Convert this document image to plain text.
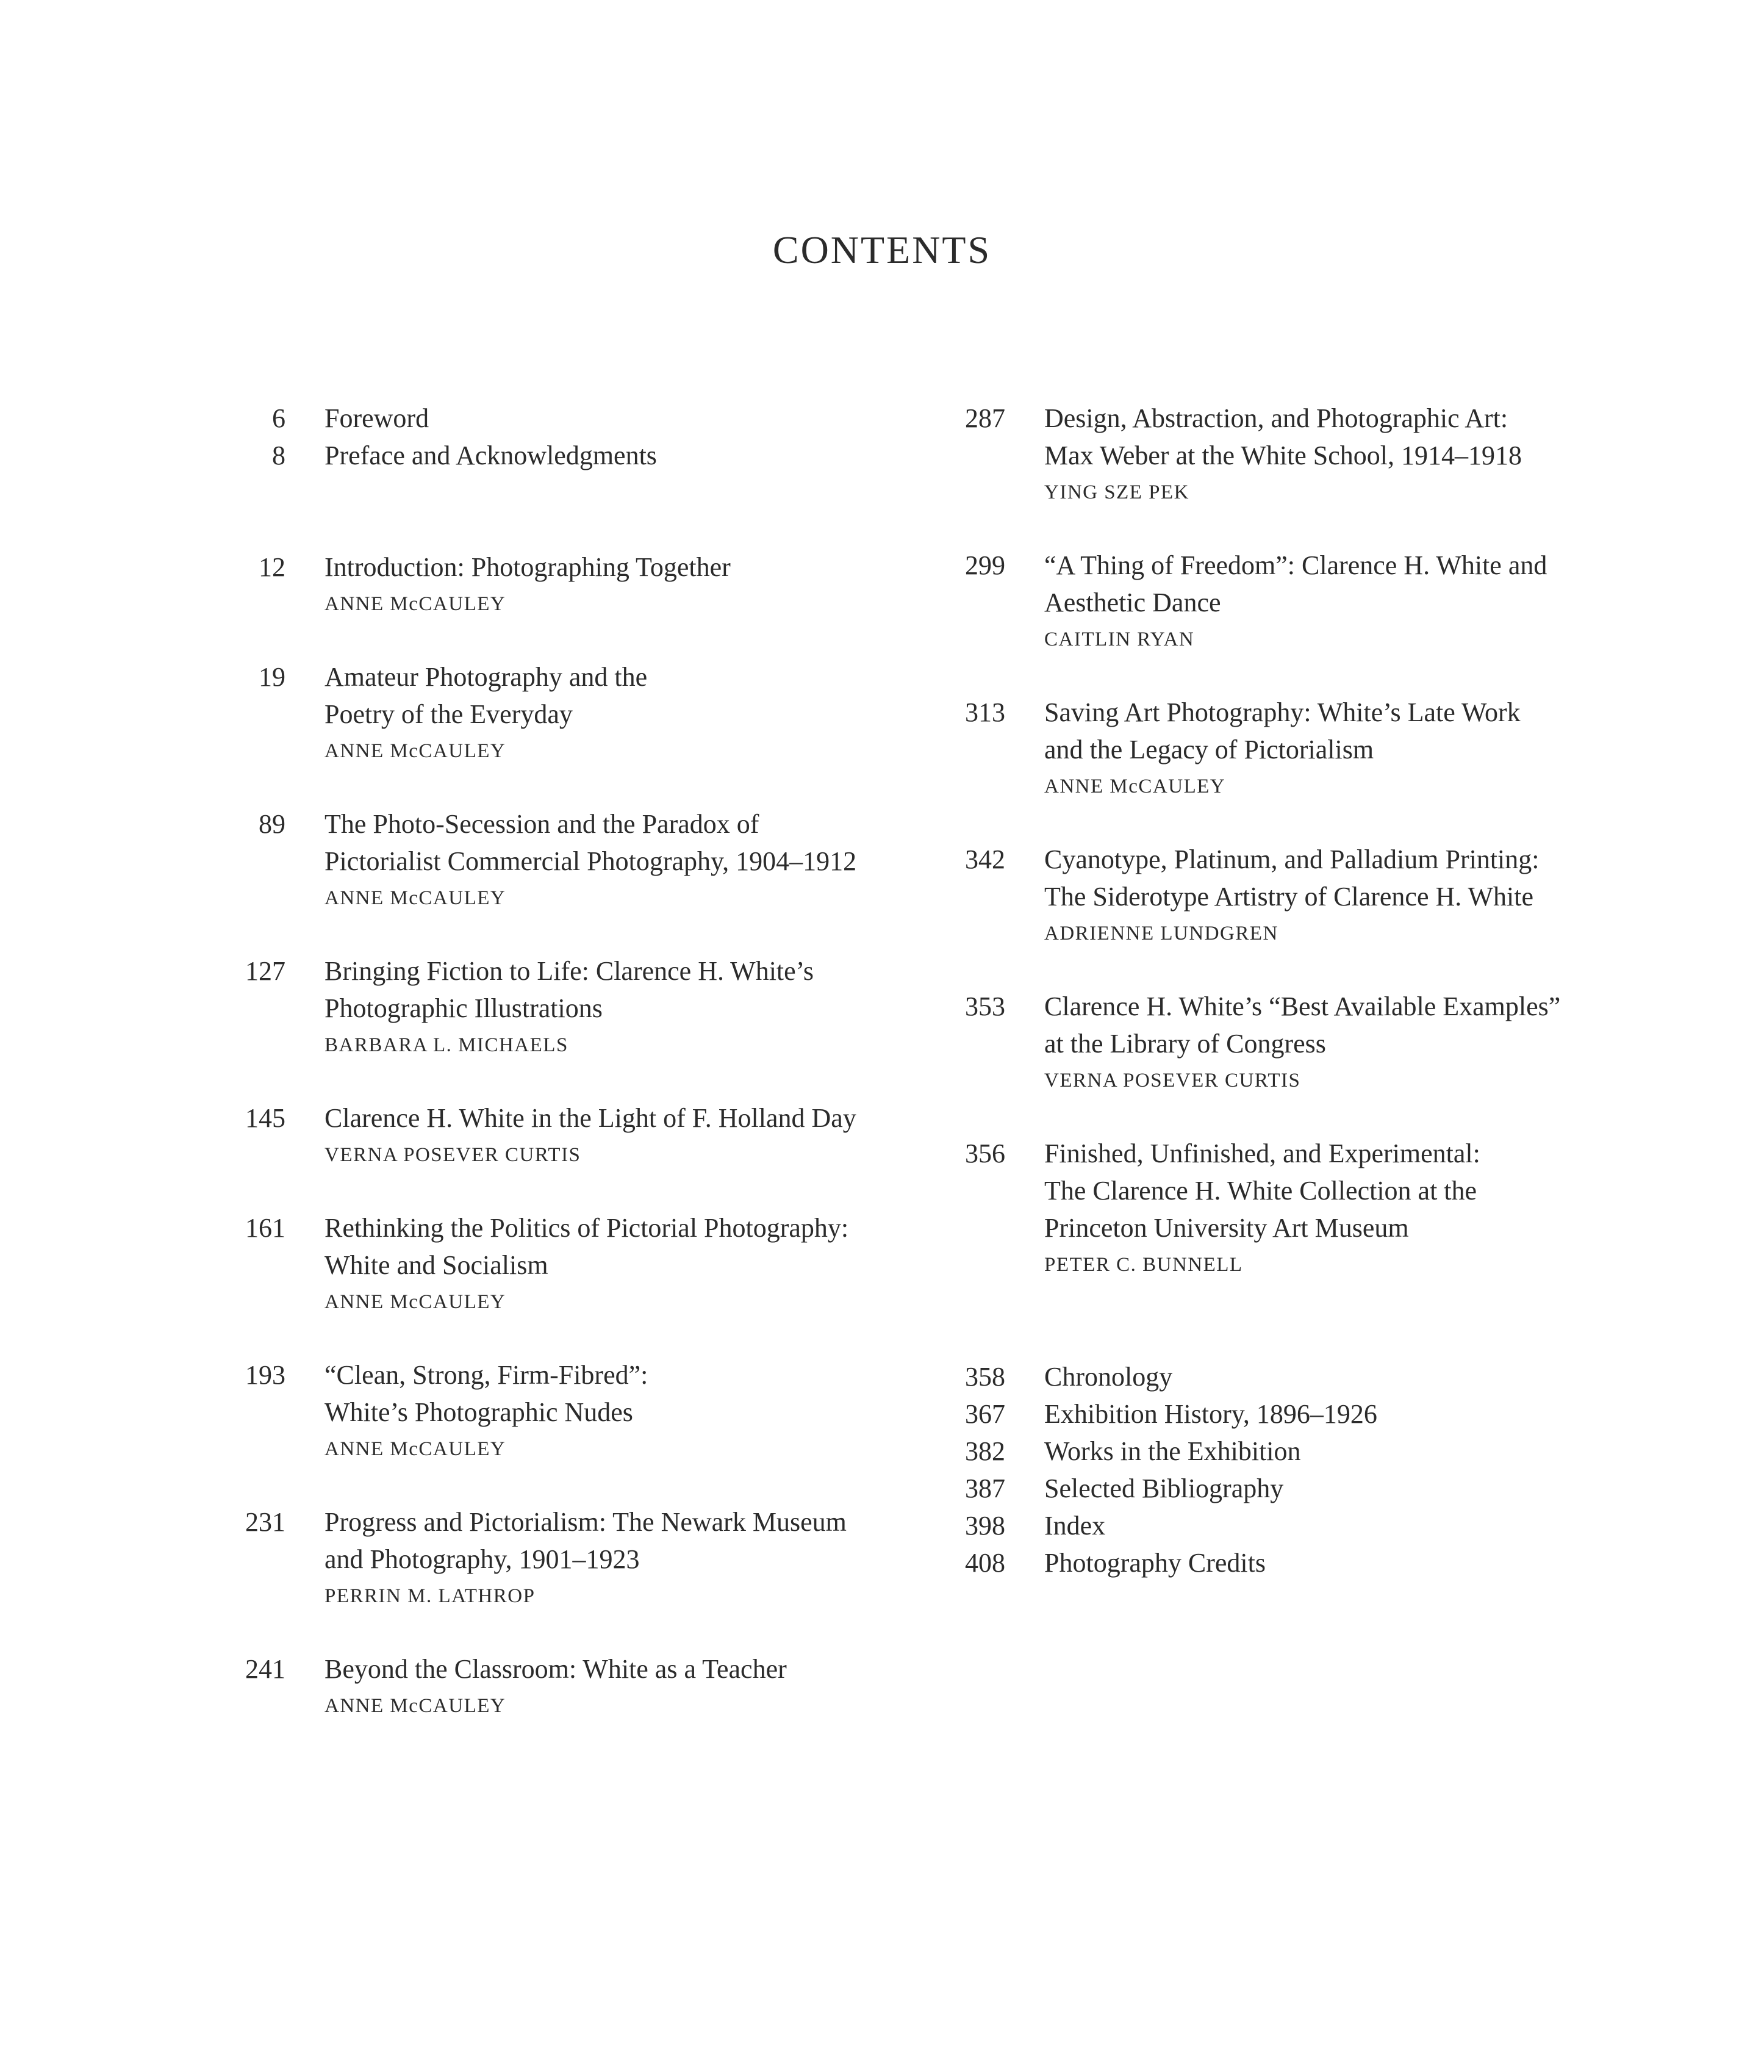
CONTENTS
6 Foreword
8 Preface and Acknowledgments
12 Introduction: Photographing Together
ANNE McCAULEY
19 Amateur Photography and the
Poetry of the Everyday
ANNE McCAULEY
89 The Photo-Secession and the Paradox of
Pictorialist Commercial Photography, 1904–1912
ANNE McCAULEY
127 Bringing Fiction to Life: Clarence H. White’s
Photographic Illustrations
BARBARA L. MICHAELS
145 Clarence H. White in the Light of F. Holland Day
VERNA POSEVER CURTIS
161 Rethinking the Politics of Pictorial Photography:
White and Socialism
ANNE McCAULEY
193 “Clean, Strong, Firm-Fibred”:
White’s Photographic Nudes
ANNE McCAULEY
231 Progress and Pictorialism: The Newark Museum
and Photography, 1901–1923
PERRIN M. LATHROP
241 Beyond the Classroom: White as a Teacher
ANNE McCAULEY
287 Design, Abstraction, and Photographic Art:
Max Weber at the White School, 1914–1918
YING SZE PEK
299 “A Thing of Freedom”: Clarence H. White and
Aesthetic Dance
CAITLIN RYAN
313 Saving Art Photography: White’s Late Work
and the Legacy of Pictorialism
ANNE McCAULEY
342 Cyanotype, Platinum, and Palladium Printing:
The Siderotype Artistry of Clarence H. White
ADRIENNE LUNDGREN
353 Clarence H. White’s “Best Available Examples”
at the Library of Congress
VERNA POSEVER CURTIS
356 Finished, Unfinished, and Experimental:
The Clarence H. White Collection at the
Princeton University Art Museum
PETER C. BUNNELL
358 Chronology
367 Exhibition History, 1896–1926
382 Works in the Exhibition
387 Selected Bibliography
398 Index
408 Photography Credits
